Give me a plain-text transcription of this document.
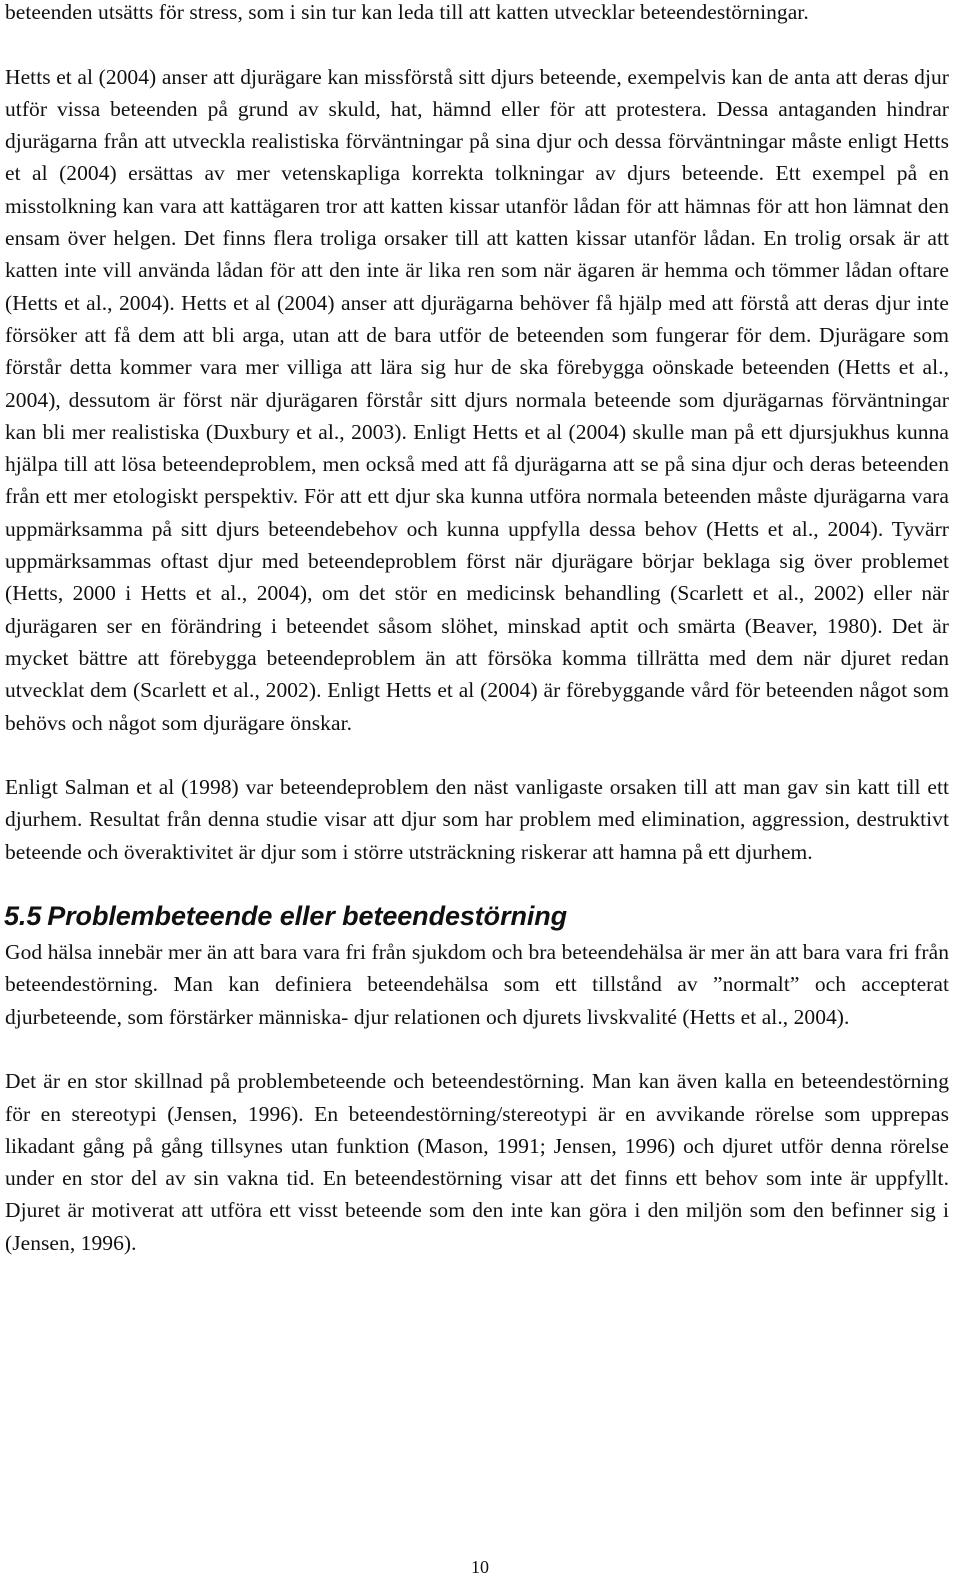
beteenden utsätts för stress, som i sin tur kan leda till att katten utvecklar beteendestörningar.

Hetts et al (2004) anser att djurägare kan missförstå sitt djurs beteende, exempelvis kan de anta att deras djur utför vissa beteenden på grund av skuld, hat, hämnd eller för att protestera. Dessa antaganden hindrar djurägarna från att utveckla realistiska förväntningar på sina djur och dessa förväntningar måste enligt Hetts et al (2004) ersättas av mer vetenskapliga korrekta tolkningar av djurs beteende. Ett exempel på en misstolkning kan vara att kattägaren tror att katten kissar utanför lådan för att hämnas för att hon lämnat den ensam över helgen. Det finns flera troliga orsaker till att katten kissar utanför lådan. En trolig orsak är att katten inte vill använda lådan för att den inte är lika ren som när ägaren är hemma och tömmer lådan oftare (Hetts et al., 2004). Hetts et al (2004) anser att djurägarna behöver få hjälp med att förstå att deras djur inte försöker att få dem att bli arga, utan att de bara utför de beteenden som fungerar för dem. Djurägare som förstår detta kommer vara mer villiga att lära sig hur de ska förebygga oönskade beteenden (Hetts et al., 2004), dessutom är först när djurägaren förstår sitt djurs normala beteende som djurägarnas förväntningar kan bli mer realistiska (Duxbury et al., 2003). Enligt Hetts et al (2004) skulle man på ett djursjukhus kunna hjälpa till att lösa beteendeproblem, men också med att få djurägarna att se på sina djur och deras beteenden från ett mer etologiskt perspektiv. För att ett djur ska kunna utföra normala beteenden måste djurägarna vara uppmärksamma på sitt djurs beteendebehov och kunna uppfylla dessa behov (Hetts et al., 2004). Tyvärr uppmärksammas oftast djur med beteendeproblem först när djurägare börjar beklaga sig över problemet (Hetts, 2000 i Hetts et al., 2004), om det stör en medicinsk behandling (Scarlett et al., 2002) eller när djurägaren ser en förändring i beteendet såsom slöhet, minskad aptit och smärta (Beaver, 1980). Det är mycket bättre att förebygga beteendeproblem än att försöka komma tillrätta med dem när djuret redan utvecklat dem (Scarlett et al., 2002). Enligt Hetts et al (2004) är förebyggande vård för beteenden något som behövs och något som djurägare önskar.

Enligt Salman et al (1998) var beteendeproblem den näst vanligaste orsaken till att man gav sin katt till ett djurhem. Resultat från denna studie visar att djur som har problem med elimination, aggression, destruktivt beteende och överaktivitet är djur som i större utsträckning riskerar att hamna på ett djurhem.

5.5 Problembeteende eller beteendestörning

God hälsa innebär mer än att bara vara fri från sjukdom och bra beteendehälsa är mer än att bara vara fri från beteendestörning. Man kan definiera beteendehälsa som ett tillstånd av ”normalt” och accepterat djurbeteende, som förstärker människa- djur relationen och djurets livskvalité (Hetts et al., 2004).

Det är en stor skillnad på problembeteende och beteendestörning. Man kan även kalla en beteendestörning för en stereotypi (Jensen, 1996). En beteendestörning/stereotypi är en avvikande rörelse som upprepas likadant gång på gång tillsynes utan funktion (Mason, 1991; Jensen, 1996) och djuret utför denna rörelse under en stor del av sin vakna tid. En beteendestörning visar att det finns ett behov som inte är uppfyllt. Djuret är motiverat att utföra ett visst beteende som den inte kan göra i den miljön som den befinner sig i (Jensen, 1996).

10
